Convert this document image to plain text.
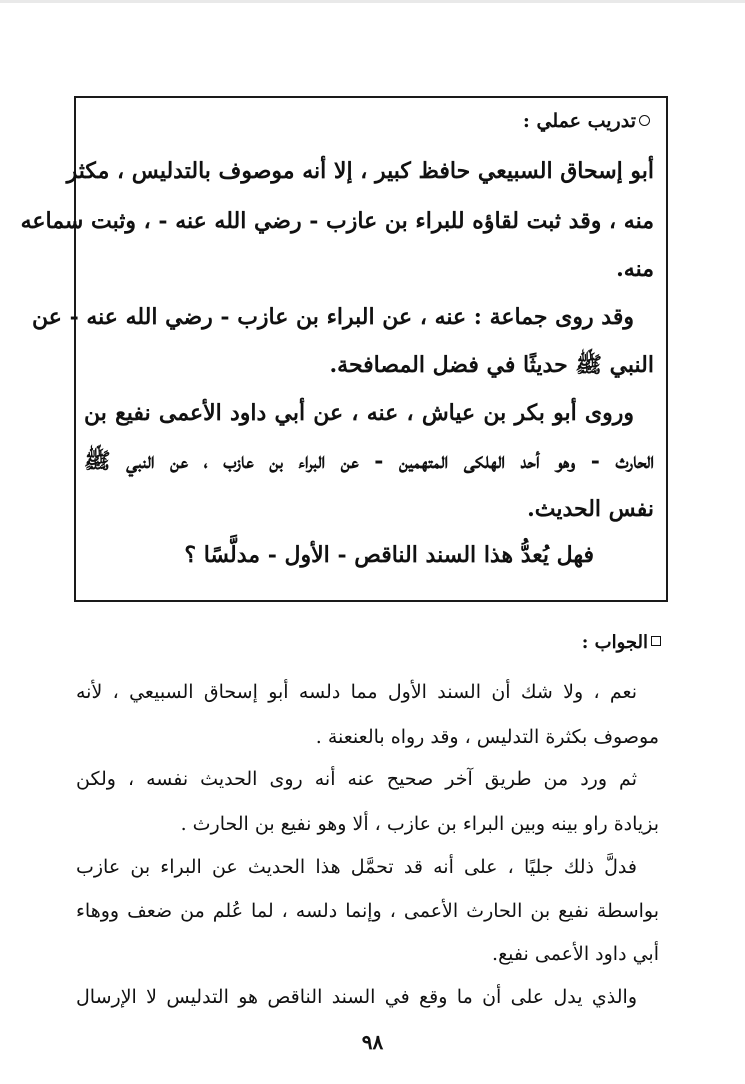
تدريب عملي :
أبو إسحاق السبيعي حافظ كبير ، إلا أنه موصوف بالتدليس ، مكثر
منه ، وقد ثبت لقاؤه للبراء بن عازب - رضي الله عنه - ، وثبت سماعه
منه.
وقد روى جماعة : عنه ، عن البراء بن عازب - رضي الله عنه - عن
النبي ﷺ حديثًا في فضل المصافحة.
وروى أبو بكر بن عياش ، عنه ، عن أبي داود الأعمى نفيع بن
الحارث - وهو أحد الهلكى المتهمين - عن البراء بن عازب ، عن النبي ﷺ
نفس الحديث.
فهل يُعدُّ هذا السند الناقص - الأول - مدلَّسًا ؟
الجواب :
نعم ، ولا شك أن السند الأول مما دلسه أبو إسحاق السبيعي ، لأنه
موصوف بكثرة التدليس ، وقد رواه بالعنعنة .
ثم ورد من طريق آخر صحيح عنه أنه روى الحديث نفسه ، ولكن
بزيادة راو بينه وبين البراء بن عازب ، ألا وهو نفيع بن الحارث .
فدلَّ ذلك جليًا ، على أنه قد تحمَّل هذا الحديث عن البراء بن عازب
بواسطة نفيع بن الحارث الأعمى ، وإنما دلسه ، لما عُلم من ضعف ووهاء
أبي داود الأعمى نفيع.
والذي يدل على أن ما وقع في السند الناقص هو التدليس لا الإرسال
٩٨
